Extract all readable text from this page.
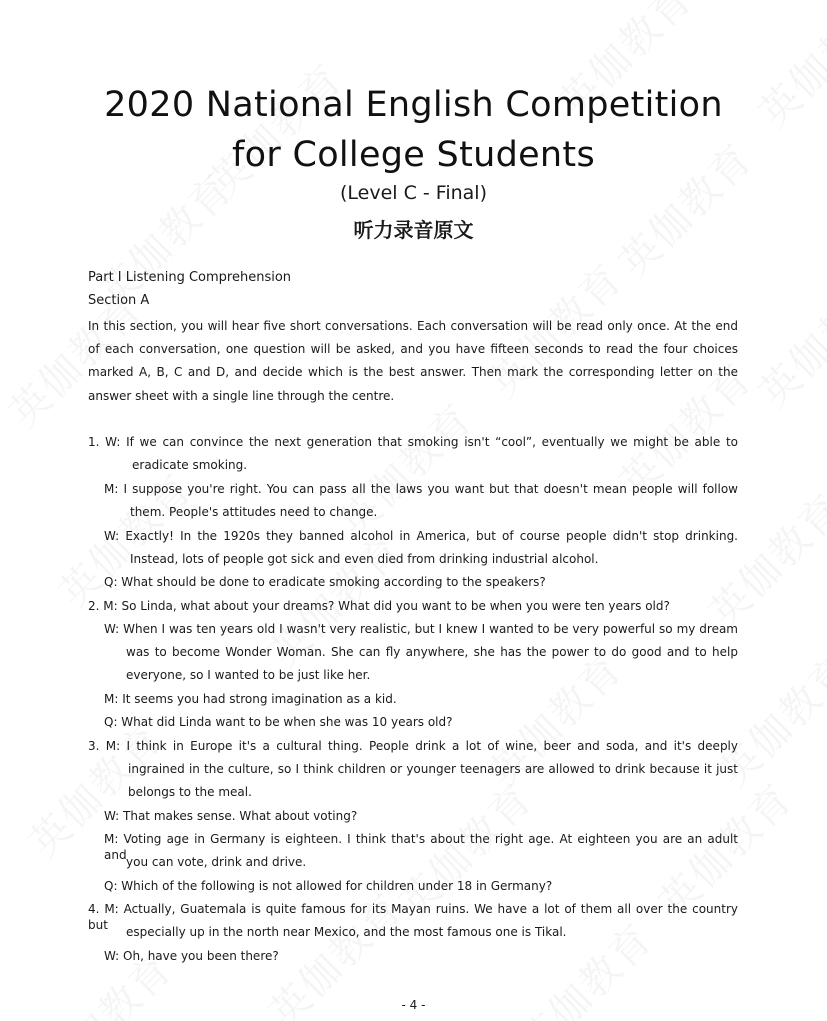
2020 National English Competition
for College Students
(Level C - Final)
听力录音原文
Part I Listening Comprehension
Section A
In this section, you will hear five short conversations. Each conversation will be read only once. At the end of each conversation, one question will be asked, and you have fifteen seconds to read the four choices marked A, B, C and D, and decide which is the best answer. Then mark the corresponding letter on the answer sheet with a single line through the centre.
1. W: If we can convince the next generation that smoking isn't “cool”, eventually we might be able to
eradicate smoking.
M: I suppose you're right. You can pass all the laws you want but that doesn't mean people will follow
them. People's attitudes need to change.
W: Exactly! In the 1920s they banned alcohol in America, but of course people didn't stop drinking.
Instead, lots of people got sick and even died from drinking industrial alcohol.
Q: What should be done to eradicate smoking according to the speakers?
2. M: So Linda, what about your dreams? What did you want to be when you were ten years old?
W: When I was ten years old I wasn't very realistic, but I knew I wanted to be very powerful so my dream
was to become Wonder Woman. She can fly anywhere, she has the power to do good and to help
everyone, so I wanted to be just like her.
M: It seems you had strong imagination as a kid.
Q: What did Linda want to be when she was 10 years old?
3. M: I think in Europe it's a cultural thing. People drink a lot of wine, beer and soda, and it's deeply
ingrained in the culture, so I think children or younger teenagers are allowed to drink because it just
belongs to the meal.
W: That makes sense. What about voting?
M: Voting age in Germany is eighteen. I think that's about the right age. At eighteen you are an adult and you can vote, drink and drive.
Q: Which of the following is not allowed for children under 18 in Germany?
4. M: Actually, Guatemala is quite famous for its Mayan ruins. We have a lot of them all over the country but	especially up in the north near Mexico, and the most famous one is Tikal.
W: Oh, have you been there?
- 4 -
